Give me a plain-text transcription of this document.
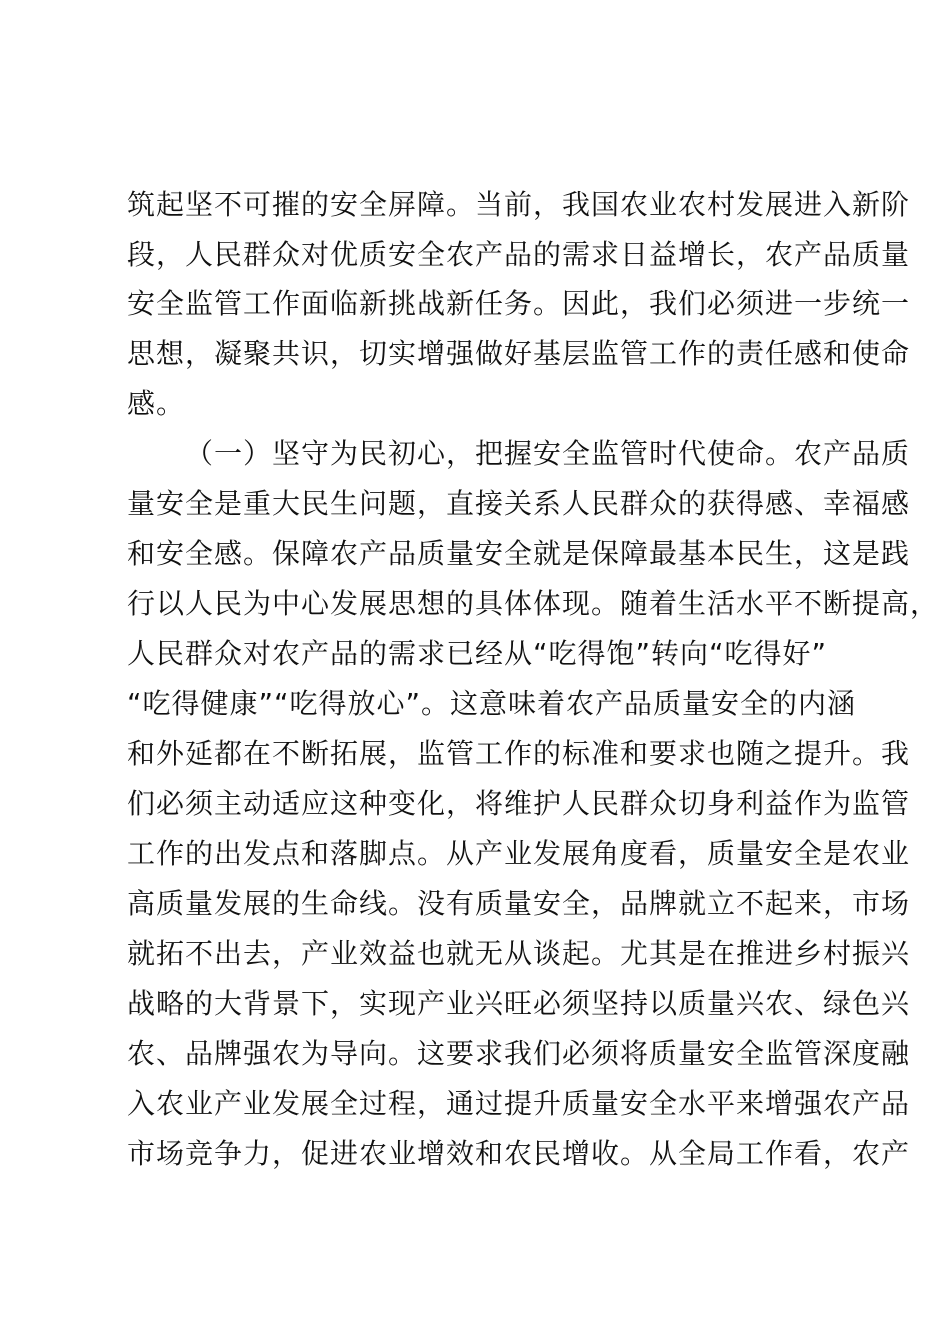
筑起坚不可摧的安全屏障。当前，我国农业农村发展进入新阶
段，人民群众对优质安全农产品的需求日益增长，农产品质量
安全监管工作面临新挑战新任务。因此，我们必须进一步统一
思想，凝聚共识，切实增强做好基层监管工作的责任感和使命
感。
（一）坚守为民初心，把握安全监管时代使命。农产品质
量安全是重大民生问题，直接关系人民群众的获得感、幸福感
和安全感。保障农产品质量安全就是保障最基本民生，这是践
行以人民为中心发展思想的具体体现。随着生活水平不断提高，
人民群众对农产品的需求已经从“吃得饱”转向“吃得好”
“吃得健康”“吃得放心”。这意味着农产品质量安全的内涵
和外延都在不断拓展，监管工作的标准和要求也随之提升。我
们必须主动适应这种变化，将维护人民群众切身利益作为监管
工作的出发点和落脚点。从产业发展角度看，质量安全是农业
高质量发展的生命线。没有质量安全，品牌就立不起来，市场
就拓不出去，产业效益也就无从谈起。尤其是在推进乡村振兴
战略的大背景下，实现产业兴旺必须坚持以质量兴农、绿色兴
农、品牌强农为导向。这要求我们必须将质量安全监管深度融
入农业产业发展全过程，通过提升质量安全水平来增强农产品
市场竞争力，促进农业增效和农民增收。从全局工作看，农产
